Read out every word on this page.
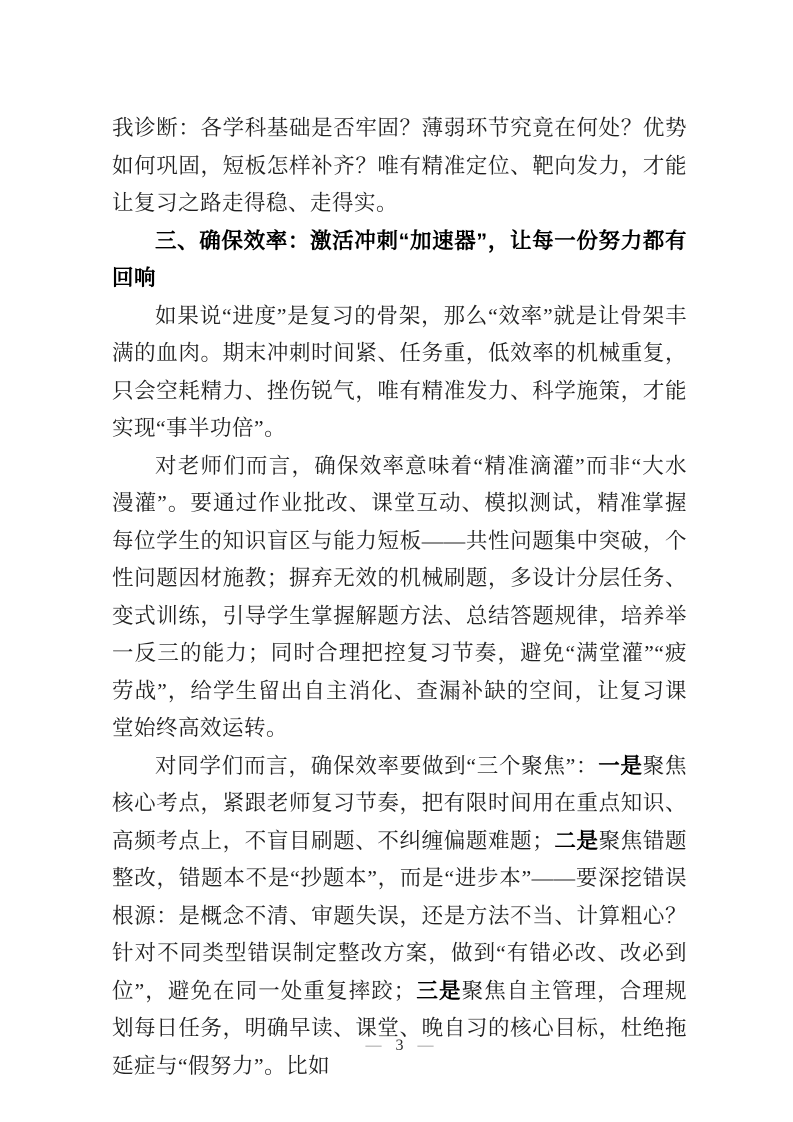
我诊断：各学科基础是否牢固？薄弱环节究竟在何处？优势如何巩固，短板怎样补齐？唯有精准定位、靶向发力，才能让复习之路走得稳、走得实。

三、确保效率：激活冲刺“加速器”，让每一份努力都有回响

如果说“进度”是复习的骨架，那么“效率”就是让骨架丰满的血肉。期末冲刺时间紧、任务重，低效率的机械重复，只会空耗精力、挫伤锐气，唯有精准发力、科学施策，才能实现“事半功倍”。

对老师们而言，确保效率意味着“精准滴灌”而非“大水漫灌”。要通过作业批改、课堂互动、模拟测试，精准掌握每位学生的知识盲区与能力短板——共性问题集中突破，个性问题因材施教；摒弃无效的机械刷题，多设计分层任务、变式训练，引导学生掌握解题方法、总结答题规律，培养举一反三的能力；同时合理把控复习节奏，避免“满堂灌”“疲劳战”，给学生留出自主消化、查漏补缺的空间，让复习课堂始终高效运转。

对同学们而言，确保效率要做到“三个聚焦”：一是聚焦核心考点，紧跟老师复习节奏，把有限时间用在重点知识、高频考点上，不盲目刷题、不纠缠偏题难题；二是聚焦错题整改，错题本不是“抄题本”，而是“进步本”——要深挖错误根源：是概念不清、审题失误，还是方法不当、计算粗心？针对不同类型错误制定整改方案，做到“有错必改、改必到位”，避免在同一处重复摔跤；三是聚焦自主管理，合理规划每日任务，明确早读、课堂、晚自习的核心目标，杜绝拖延症与“假努力”。比如

— 3 —
